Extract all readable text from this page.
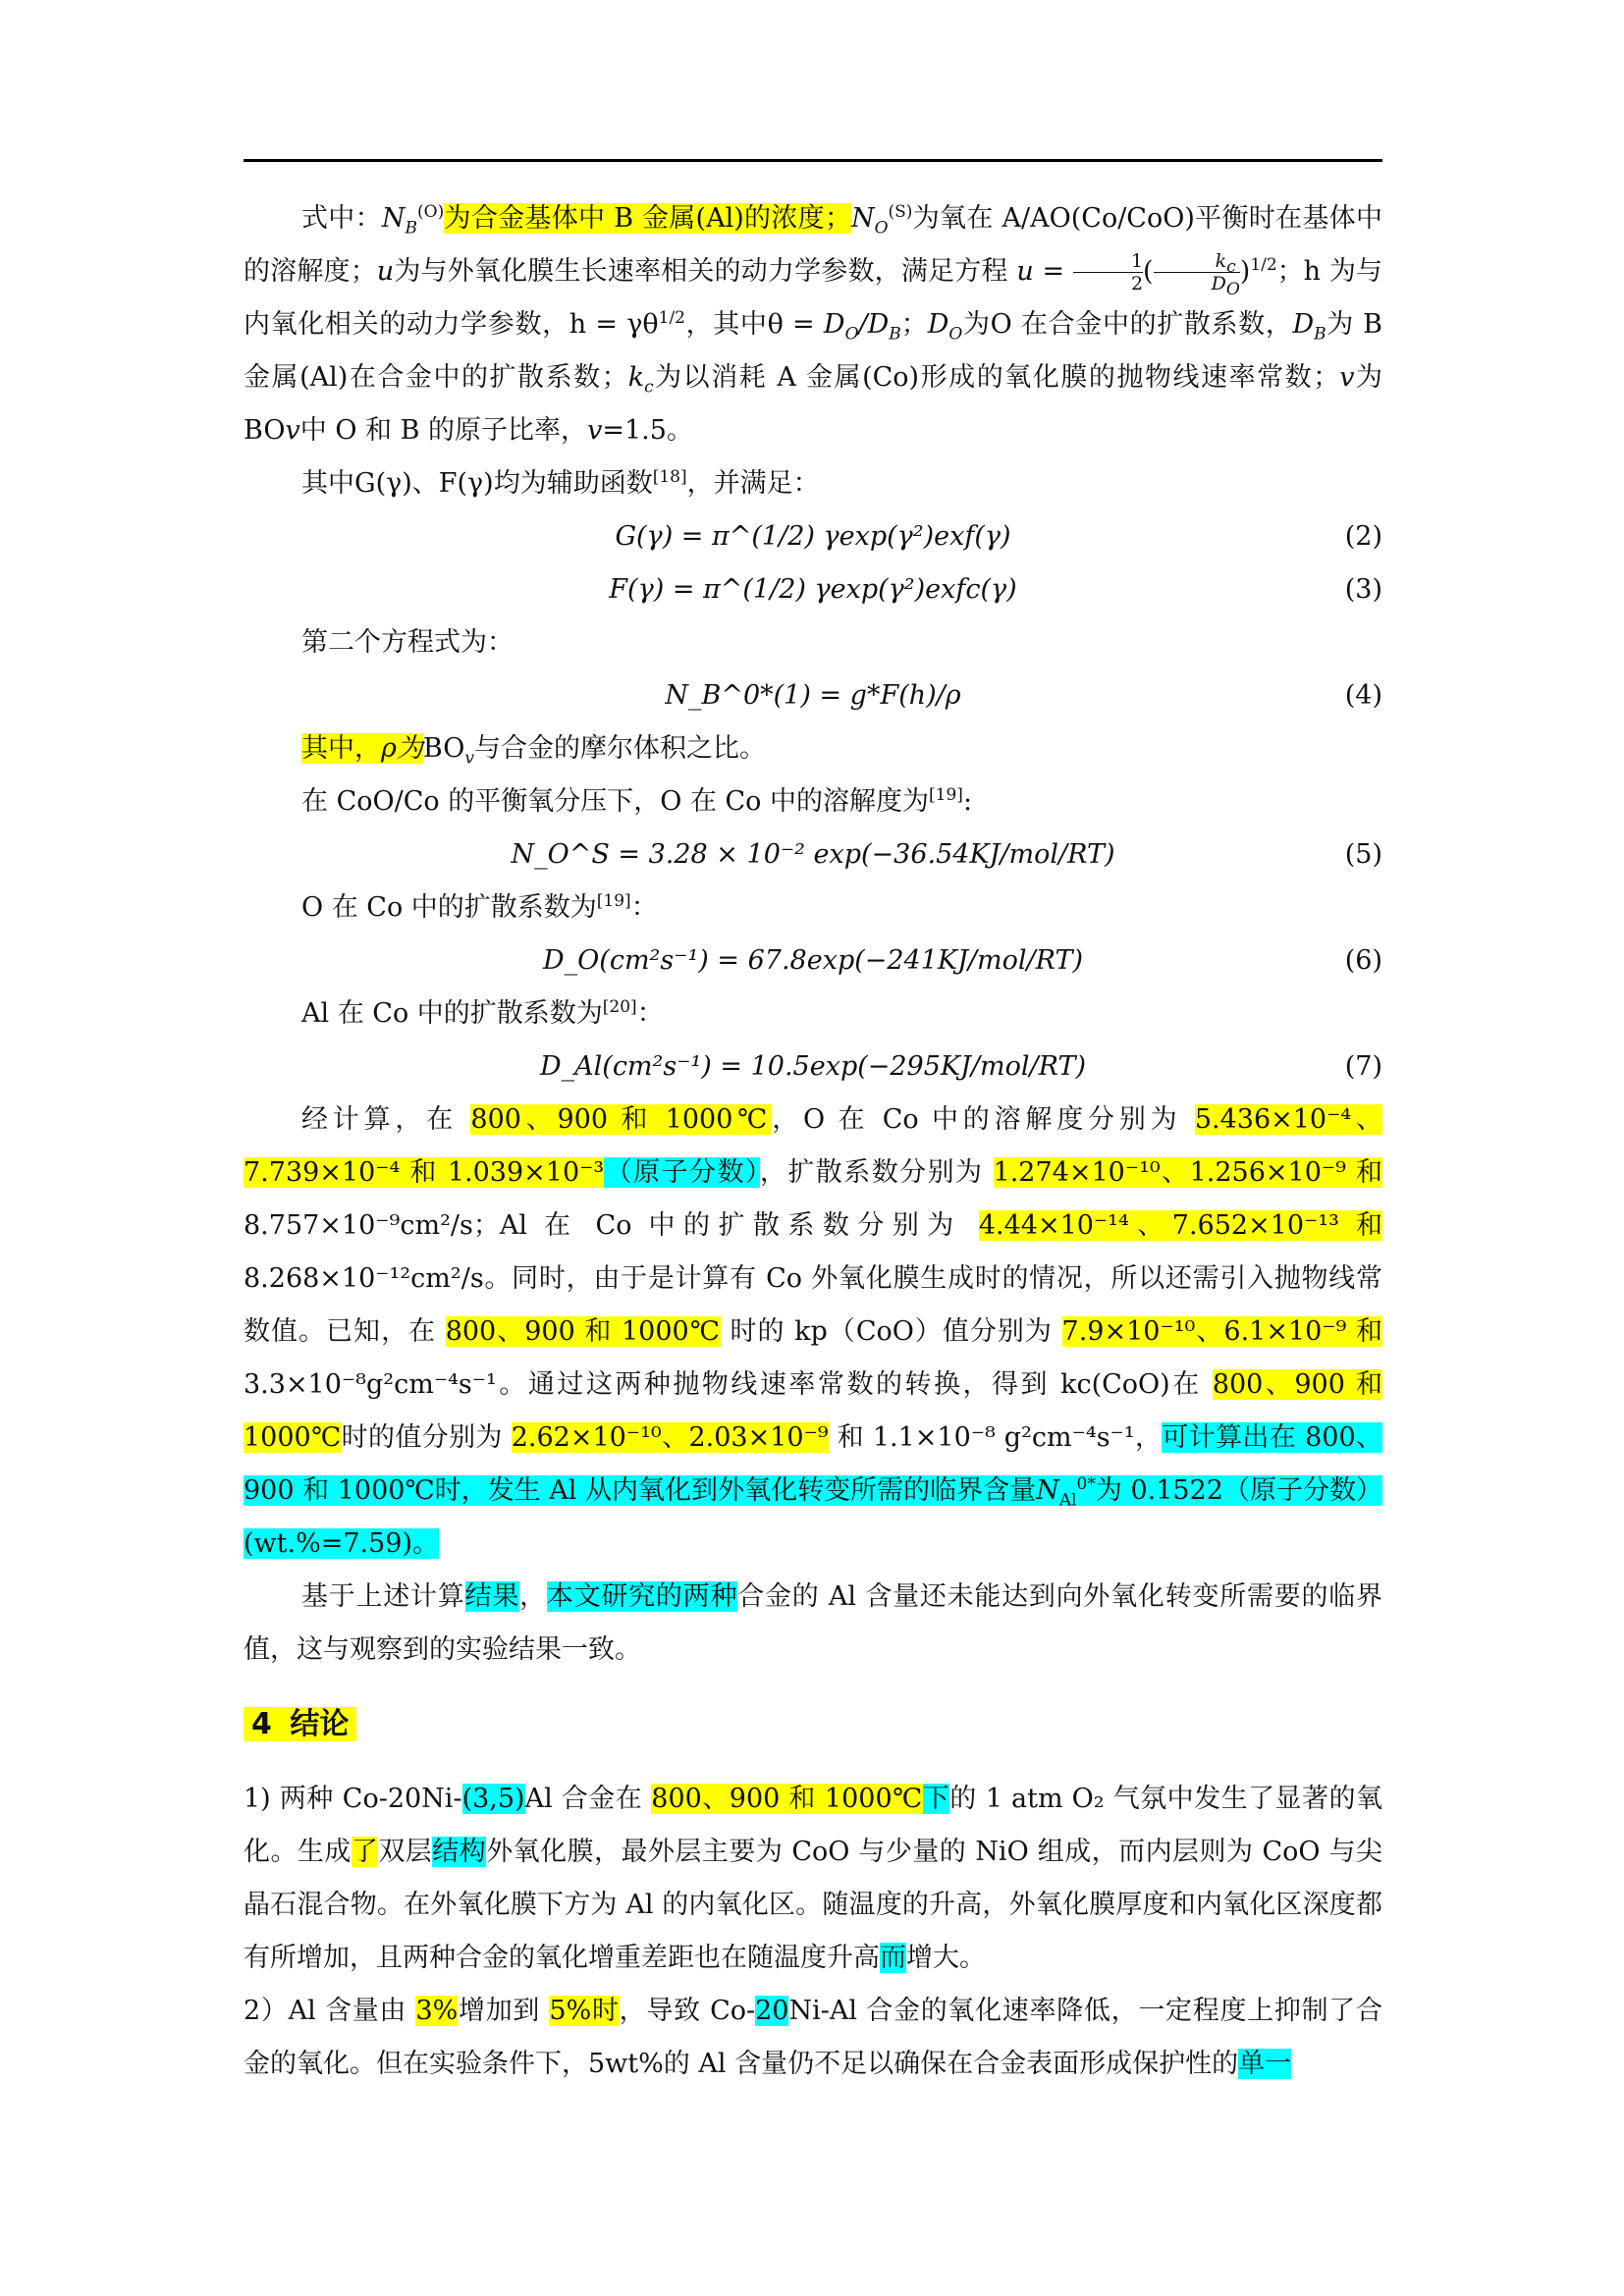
式中：$N_B^{(O)}$为合金基体中 B 金属(Al)的浓度；$N_O^{(S)}$为氧在 A/AO(Co/CoO)平衡时在基体中的溶解度；u为与外氧化膜生长速率相关的动力学参数，满足方程 $u = \frac{1}{2}$ ( $\frac{k_c}{D_O} )^{1/2}$；h 为与内氧化相关的动力学参数，$h = \gamma\theta^{1/2}$，其中$\theta = D_O/D_B$；$D_O$为O 在合金中的扩散系数，$D_B$为 B 金属(Al)在合金中的扩散系数；$k_c$为以消耗 A 金属(Co)形成的氧化膜的抛物线速率常数；v为BOv中 O 和 B 的原子比率，v=1.5。

其中G(γ)、F(γ)均为辅助函数[18]，并满足：

G(γ) = π^(1/2) γexp(γ²)exf(γ)	(2)
F(γ) = π^(1/2) γexp(γ²)exfc(γ)	(3)

第二个方程式为：

N_B^0*(1) = g*F(h)/ρ	(4)

其中，ρ为$BO_v$与合金的摩尔体积之比。

在 CoO/Co 的平衡氧分压下，O 在 Co 中的溶解度为[19]:

N_O^S = 3.28 × 10⁻² exp(−36.54KJ/mol/RT)	(5)

O 在 Co 中的扩散系数为[19]：

D_O(cm²s⁻¹) = 67.8exp(−241KJ/mol/RT)	(6)

Al 在 Co 中的扩散系数为[20]：

D_Al(cm²s⁻¹) = 10.5exp(−295KJ/mol/RT)	(7)

经计算，在 800、900 和 1000℃，O 在 Co 中的溶解度分别为 5.436×10⁻⁴、7.739×10⁻⁴ 和 1.039×10⁻³（原子分数），扩散系数分别为 1.274×10⁻¹⁰、1.256×10⁻⁹ 和 8.757×10⁻⁹cm²/s；Al 在 Co 中的扩散系数分别为 4.44×10⁻¹⁴、7.652×10⁻¹³ 和 8.268×10⁻¹²cm²/s。同时，由于是计算有 Co 外氧化膜生成时的情况，所以还需引入抛物线常数值。已知，在 800、900 和 1000℃ 时的 kp（CoO）值分别为 7.9×10⁻¹⁰、6.1×10⁻⁹ 和 3.3×10⁻⁸g²cm⁻⁴s⁻¹。通过这两种抛物线速率常数的转换，得到 kc(CoO)在 800、900 和 1000℃时的值分别为 2.62×10⁻¹⁰、2.03×10⁻⁹ 和 1.1×10⁻⁸ g²cm⁻⁴s⁻¹，可计算出在 800、900 和 1000℃时，发生 Al 从内氧化到外氧化转变所需的临界含量$N_{Al}^{0*}$为 0.1522（原子分数）(wt.%=7.59)。

基于上述计算结果，本文研究的两种合金的 Al 含量还未能达到向外氧化转变所需要的临界值，这与观察到的实验结果一致。

4 结论

1) 两种 Co-20Ni-(3,5)Al 合金在 800、900 和 1000℃下的 1 atm O₂ 气氛中发生了显著的氧化。生成了双层结构外氧化膜，最外层主要为 CoO 与少量的 NiO 组成，而内层则为 CoO 与尖晶石混合物。在外氧化膜下方为 Al 的内氧化区。随温度的升高，外氧化膜厚度和内氧化区深度都有所增加，且两种合金的氧化增重差距也在随温度升高而增大。

2）Al 含量由 3%增加到 5%时，导致 Co-20Ni-Al 合金的氧化速率降低，一定程度上抑制了合金的氧化。但在实验条件下，5wt%的 Al 含量仍不足以确保在合金表面形成保护性的单一
